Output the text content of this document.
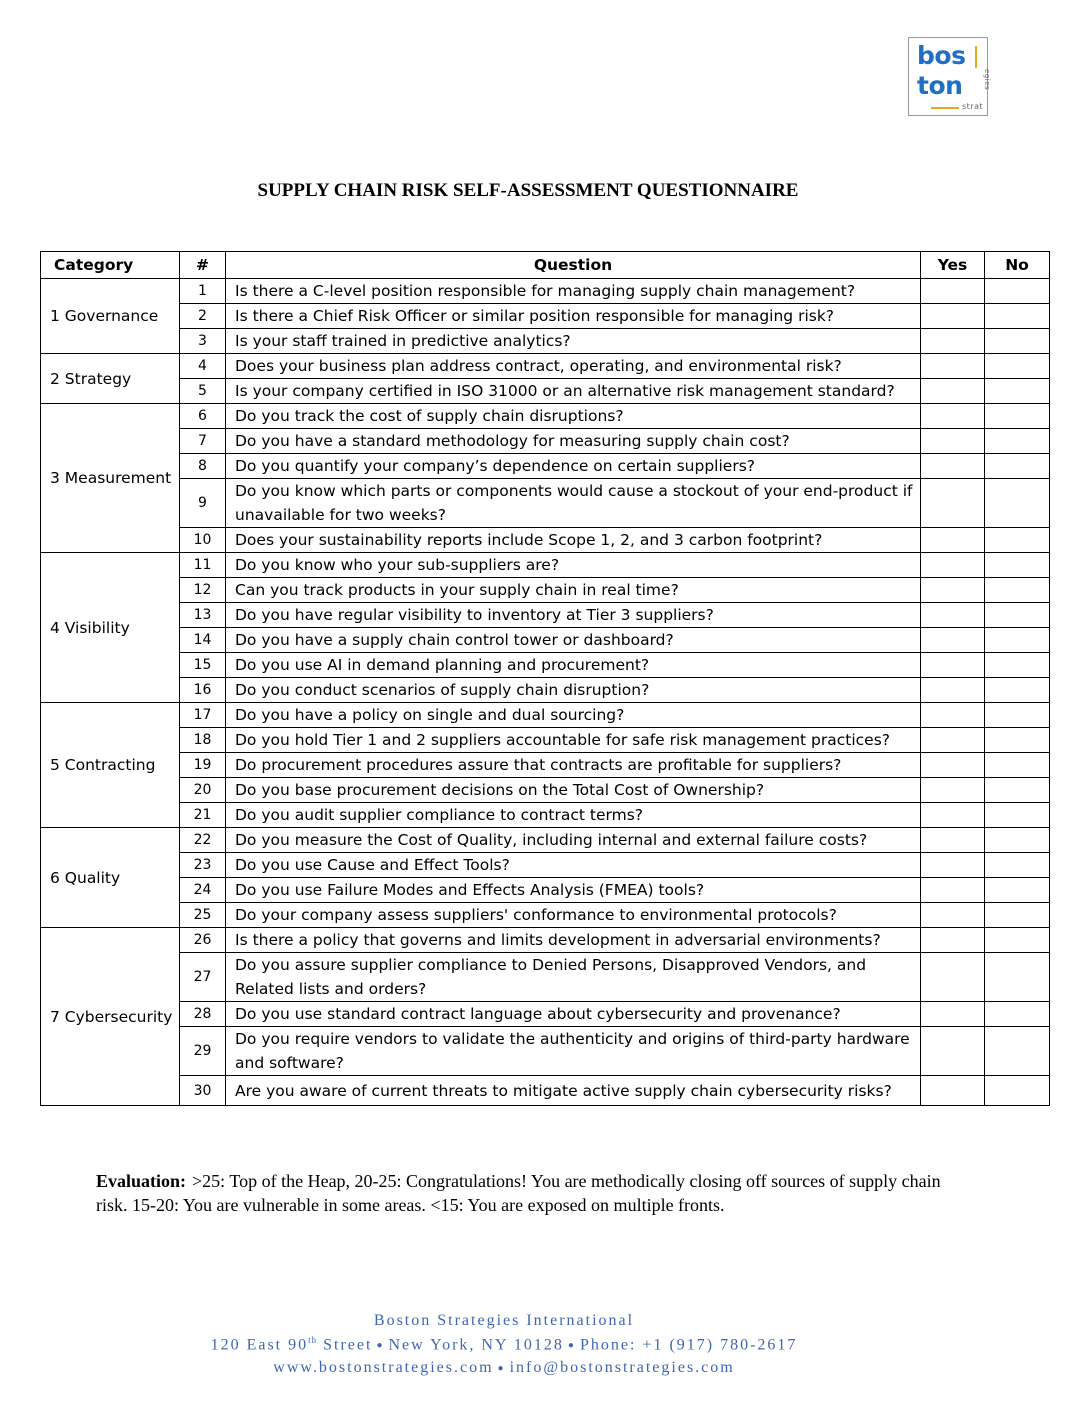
bos
ton	egies
strat
SUPPLY CHAIN RISK SELF-ASSESSMENT QUESTIONNAIRE
Category	#	Question	Yes	No
1 Governance	1	Is there a C-level position responsible for managing supply chain management?		
	2	Is there a Chief Risk Officer or similar position responsible for managing risk?		
	3	Is your staff trained in predictive analytics?		
2 Strategy	4	Does your business plan address contract, operating, and environmental risk?		
	5	Is your company certified in ISO 31000 or an alternative risk management standard?		
3 Measurement	6	Do you track the cost of supply chain disruptions?		
	7	Do you have a standard methodology for measuring supply chain cost?		
	8	Do you quantify your company’s dependence on certain suppliers?		
	9	Do you know which parts or components would cause a stockout of your end-product if unavailable for two weeks?		
	10	Does your sustainability reports include Scope 1, 2, and 3 carbon footprint?		
4 Visibility	11	Do you know who your sub-suppliers are?		
	12	Can you track products in your supply chain in real time?		
	13	Do you have regular visibility to inventory at Tier 3 suppliers?		
	14	Do you have a supply chain control tower or dashboard?		
	15	Do you use AI in demand planning and procurement?		
	16	Do you conduct scenarios of supply chain disruption?		
5 Contracting	17	Do you have a policy on single and dual sourcing?		
	18	Do you hold Tier 1 and 2 suppliers accountable for safe risk management practices?		
	19	Do procurement procedures assure that contracts are profitable for suppliers?		
	20	Do you base procurement decisions on the Total Cost of Ownership?		
	21	Do you audit supplier compliance to contract terms?		
6 Quality	22	Do you measure the Cost of Quality, including internal and external failure costs?		
	23	Do you use Cause and Effect Tools?		
	24	Do you use Failure Modes and Effects Analysis (FMEA) tools?		
	25	Do your company assess suppliers' conformance to environmental protocols?		
7 Cybersecurity	26	Is there a policy that governs and limits development in adversarial environments?		
	27	Do you assure supplier compliance to Denied Persons, Disapproved Vendors, and Related lists and orders?		
	28	Do you use standard contract language about cybersecurity and provenance?		
	29	Do you require vendors to validate the authenticity and origins of third-party hardware and software?		
	30	Are you aware of current threats to mitigate active supply chain cybersecurity risks?		
Evaluation: >25: Top of the Heap, 20-25: Congratulations! You are methodically closing off sources of supply chain risk. 15-20: You are vulnerable in some areas. <15: You are exposed on multiple fronts.
Boston Strategies International
120 East 90th Street ● New York, NY 10128 ● Phone: +1 (917) 780-2617
www.bostonstrategies.com ● info@bostonstrategies.com
